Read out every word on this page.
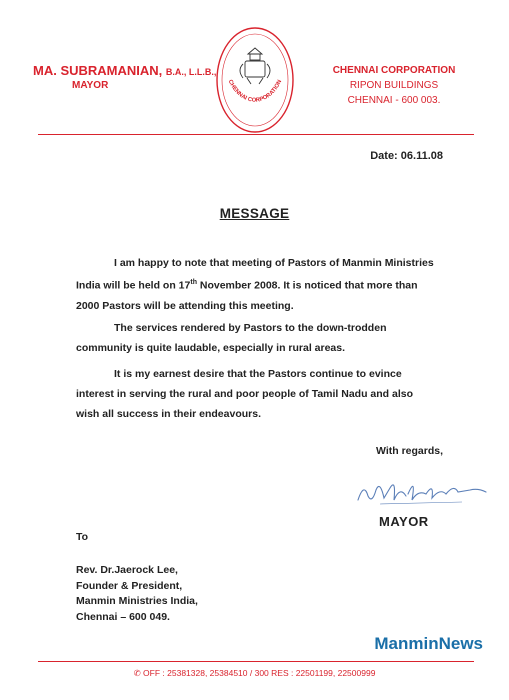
MA. SUBRAMANIAN, B.A., L.L.B.,
MAYOR	CHENNAI CORPORATION
CHENNAI CORPORATION
RIPON BUILDINGS
CHENNAI - 600 003.
Date: 06.11.08
MESSAGE
I am happy to note that meeting of Pastors of Manmin Ministries India will be held on 17th November 2008. It is noticed that more than 2000 Pastors will be attending this meeting.
The services rendered by Pastors to the down-trodden community is quite laudable, especially in rural areas.
It is my earnest desire that the Pastors continue to evince interest in serving the rural and poor people of Tamil Nadu and also wish all success in their endeavours.
With regards,
MAYOR
To
Rev. Dr.Jaerock Lee,
Founder & President,
Manmin Ministries India,
Chennai – 600 049.
ManminNews
✆ OFF : 25381328, 25384510 / 300 RES : 22501199, 22500999
